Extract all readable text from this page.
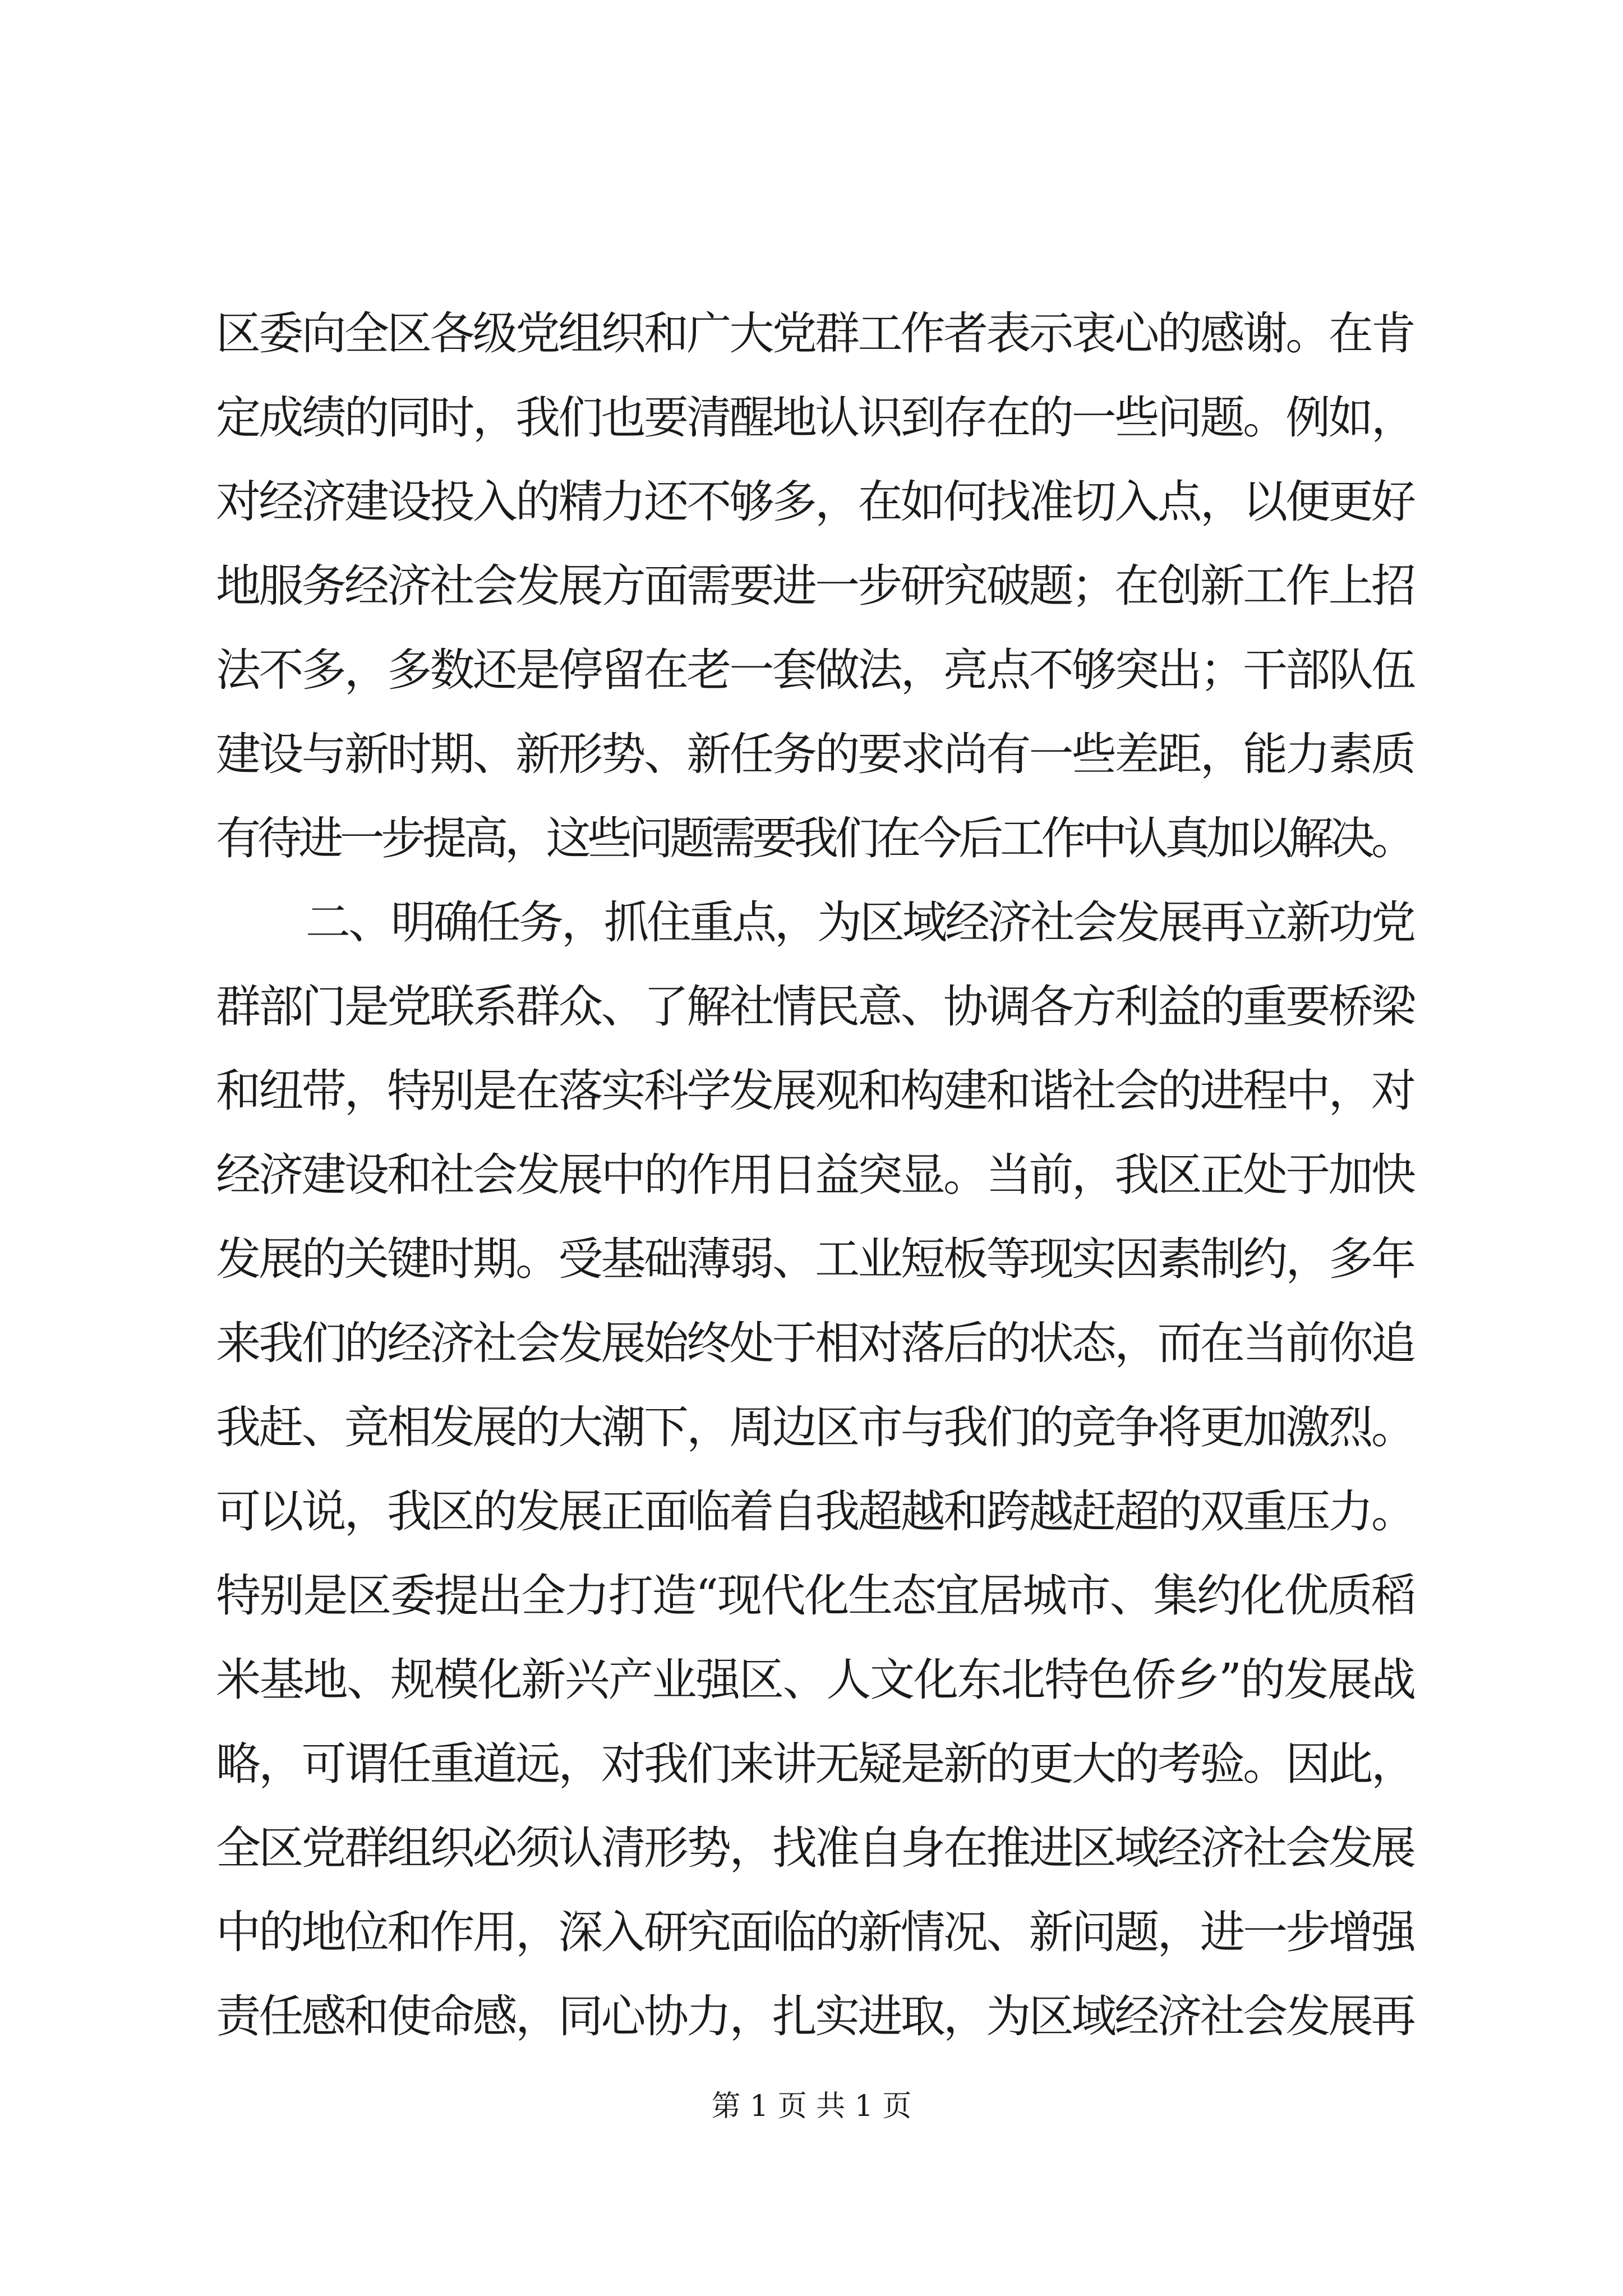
区委向全区各级党组织和广大党群工作者表示衷心的感谢。在肯
定成绩的同时，我们也要清醒地认识到存在的一些问题。例如，
对经济建设投入的精力还不够多，在如何找准切入点，以便更好
地服务经济社会发展方面需要进一步研究破题；在创新工作上招
法不多，多数还是停留在老一套做法，亮点不够突出；干部队伍
建设与新时期、新形势、新任务的要求尚有一些差距，能力素质
有待进一步提高，这些问题需要我们在今后工作中认真加以解决。
二、明确任务，抓住重点，为区域经济社会发展再立新功党
群部门是党联系群众、了解社情民意、协调各方利益的重要桥梁
和纽带，特别是在落实科学发展观和构建和谐社会的进程中，对
经济建设和社会发展中的作用日益突显。当前，我区正处于加快
发展的关键时期。受基础薄弱、工业短板等现实因素制约，多年
来我们的经济社会发展始终处于相对落后的状态，而在当前你追
我赶、竞相发展的大潮下，周边区市与我们的竞争将更加激烈。
可以说，我区的发展正面临着自我超越和跨越赶超的双重压力。
特别是区委提出全力打造“现代化生态宜居城市、集约化优质稻
米基地、规模化新兴产业强区、人文化东北特色侨乡”的发展战
略，可谓任重道远，对我们来讲无疑是新的更大的考验。因此，
全区党群组织必须认清形势，找准自身在推进区域经济社会发展
中的地位和作用，深入研究面临的新情况、新问题，进一步增强
责任感和使命感，同心协力，扎实进取，为区域经济社会发展再
第 1 页 共 1 页
